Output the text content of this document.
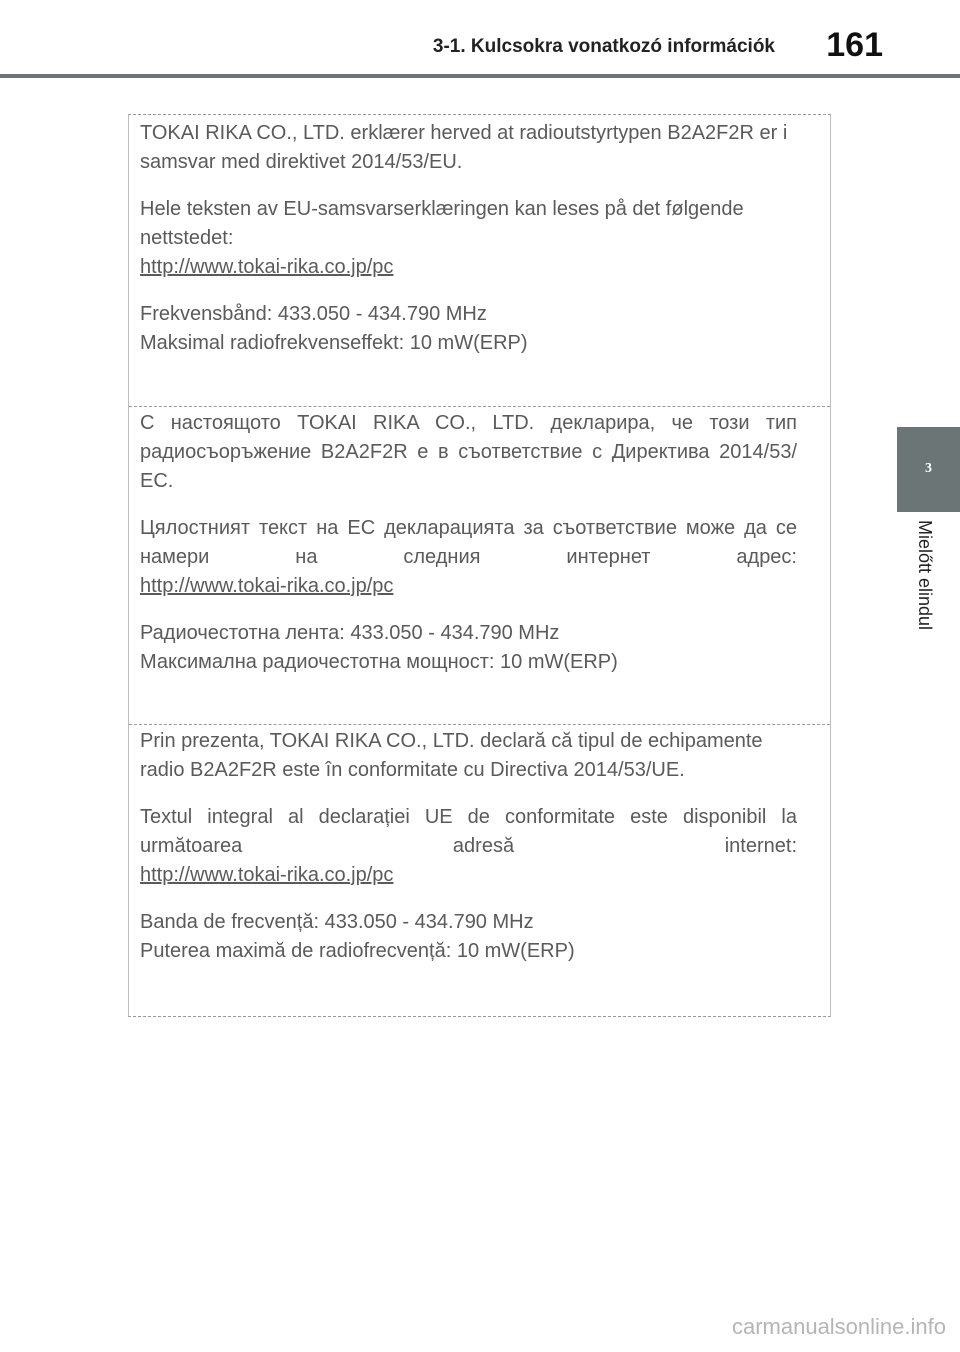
3-1. Kulcsokra vonatkozó információk 161
3
Mielőtt elindul

TOKAI RIKA CO., LTD. erklærer herved at radioutstyrtypen B2A2F2R er i samsvar med direktivet 2014/53/EU.

Hele teksten av EU-samsvarserklæringen kan leses på det følgende nettstedet:
http://www.tokai-rika.co.jp/pc

Frekvensbånd: 433.050 - 434.790 MHz
Maksimal radiofrekvenseffekt: 10 mW(ERP)

С настоящото TOKAI RIKA CO., LTD. декларира, че този тип радиосъоръжение B2A2F2R е в съответствие с Директива 2014/53/ЕС.

Цялостният текст на ЕС декларацията за съответствие може да се намери на следния интернет адрес:
http://www.tokai-rika.co.jp/pc

Радиочестотна лента: 433.050 - 434.790 MHz
Максимална радиочестотна мощност: 10 mW(ERP)

Prin prezenta, TOKAI RIKA CO., LTD. declară că tipul de echipamente radio B2A2F2R este în conformitate cu Directiva 2014/53/UE.

Textul integral al declarației UE de conformitate este disponibil la următoarea adresă internet:
http://www.tokai-rika.co.jp/pc

Banda de frecvență: 433.050 - 434.790 MHz
Puterea maximă de radiofrecvență: 10 mW(ERP)

carmanualsonline.info
